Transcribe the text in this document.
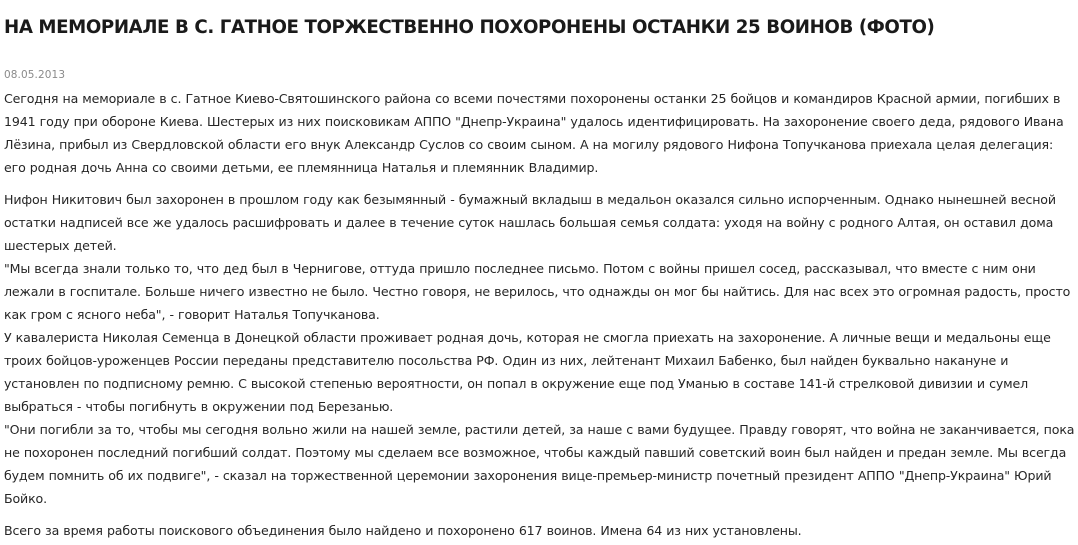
НА МЕМОРИАЛЕ В С. ГАТНОЕ ТОРЖЕСТВЕННО ПОХОРОНЕНЫ ОСТАНКИ 25 ВОИНОВ (ФОТО)
08.05.2013

Сегодня на мемориале в с. Гатное Киево-Святошинского района со всеми почестями похоронены останки 25 бойцов и командиров Красной армии, погибших в 1941 году при обороне Киева. Шестерых из них поисковикам АППО "Днепр-Украина" удалось идентифицировать. На захоронение своего деда, рядового Ивана Лёзина, прибыл из Свердловской области его внук Александр Суслов со своим сыном. А на могилу рядового Нифона Топучканова приехала целая делегация: его родная дочь Анна со своими детьми, ее племянница Наталья и племянник Владимир.

Нифон Никитович был захоронен в прошлом году как безымянный - бумажный вкладыш в медальон оказался сильно испорченным. Однако нынешней весной остатки надписей все же удалось расшифровать и далее в течение суток нашлась большая семья солдата: уходя на войну с родного Алтая, он оставил дома шестерых детей.

"Мы всегда знали только то, что дед был в Чернигове, оттуда пришло последнее письмо. Потом с войны пришел сосед, рассказывал, что вместе с ним они лежали в госпитале. Больше ничего известно не было. Честно говоря, не верилось, что однажды он мог бы найтись. Для нас всех это огромная радость, просто как гром с ясного неба", - говорит Наталья Топучканова.

У кавалериста Николая Семенца в Донецкой области проживает родная дочь, которая не смогла приехать на захоронение. А личные вещи и медальоны еще троих бойцов-уроженцев России переданы представителю посольства РФ. Один из них, лейтенант Михаил Бабенко, был найден буквально накануне и установлен по подписному ремню. С высокой степенью вероятности, он попал в окружение еще под Уманью в составе 141-й стрелковой дивизии и сумел выбраться - чтобы погибнуть в окружении под Березанью.

"Они погибли за то, чтобы мы сегодня вольно жили на нашей земле, растили детей, за наше с вами будущее. Правду говорят, что война не заканчивается, пока не похоронен последний погибший солдат. Поэтому мы сделаем все возможное, чтобы каждый павший советский воин был найден и предан земле. Мы всегда будем помнить об их подвиге", - сказал на торжественной церемонии захоронения вице-премьер-министр почетный президент АППО "Днепр-Украина" Юрий Бойко.

Всего за время работы поискового объединения было найдено и похоронено 617 воинов. Имена 64 из них установлены.
